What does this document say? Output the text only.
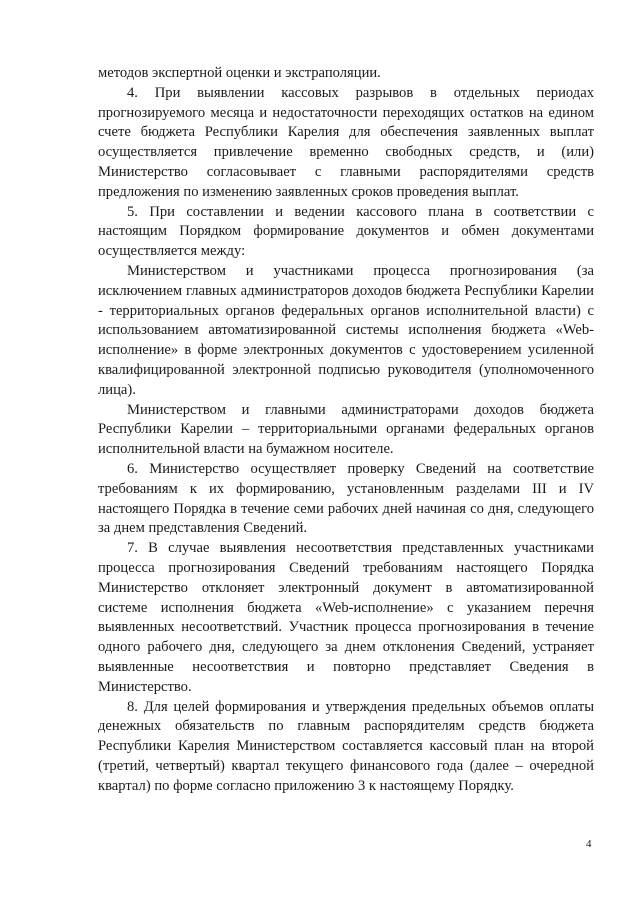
методов экспертной оценки и экстраполяции.

4. При выявлении кассовых разрывов в отдельных периодах прогнозируемого месяца и недостаточности переходящих остатков на едином счете бюджета Республики Карелия для обеспечения заявленных выплат осуществляется привлечение временно свободных средств, и (или) Министерство согласовывает с главными распорядителями средств предложения по изменению заявленных сроков проведения выплат.

5. При составлении и ведении кассового плана в соответствии с настоящим Порядком формирование документов и обмен документами осуществляется между:

Министерством и участниками процесса прогнозирования (за исключением главных администраторов доходов бюджета Республики Карелии - территориальных органов федеральных органов исполнительной власти) с использованием автоматизированной системы исполнения бюджета «Web-исполнение» в форме электронных документов с удостоверением усиленной квалифицированной электронной подписью руководителя (уполномоченного лица).

Министерством и главными администраторами доходов бюджета Республики Карелии – территориальными органами федеральных органов исполнительной власти на бумажном носителе.

6. Министерство осуществляет проверку Сведений на соответствие требованиям к их формированию, установленным разделами III и IV настоящего Порядка в течение семи рабочих дней начиная со дня, следующего за днем представления Сведений.

7. В случае выявления несоответствия представленных участниками процесса прогнозирования Сведений требованиям настоящего Порядка Министерство отклоняет электронный документ в автоматизированной системе исполнения бюджета «Web-исполнение» с указанием перечня выявленных несоответствий. Участник процесса прогнозирования в течение одного рабочего дня, следующего за днем отклонения Сведений, устраняет выявленные несоответствия и повторно представляет Сведения в Министерство.

8. Для целей формирования и утверждения предельных объемов оплаты денежных обязательств по главным распорядителям средств бюджета Республики Карелия Министерством составляется кассовый план на второй (третий, четвертый) квартал текущего финансового года (далее – очередной квартал) по форме согласно приложению 3 к настоящему Порядку.

4
